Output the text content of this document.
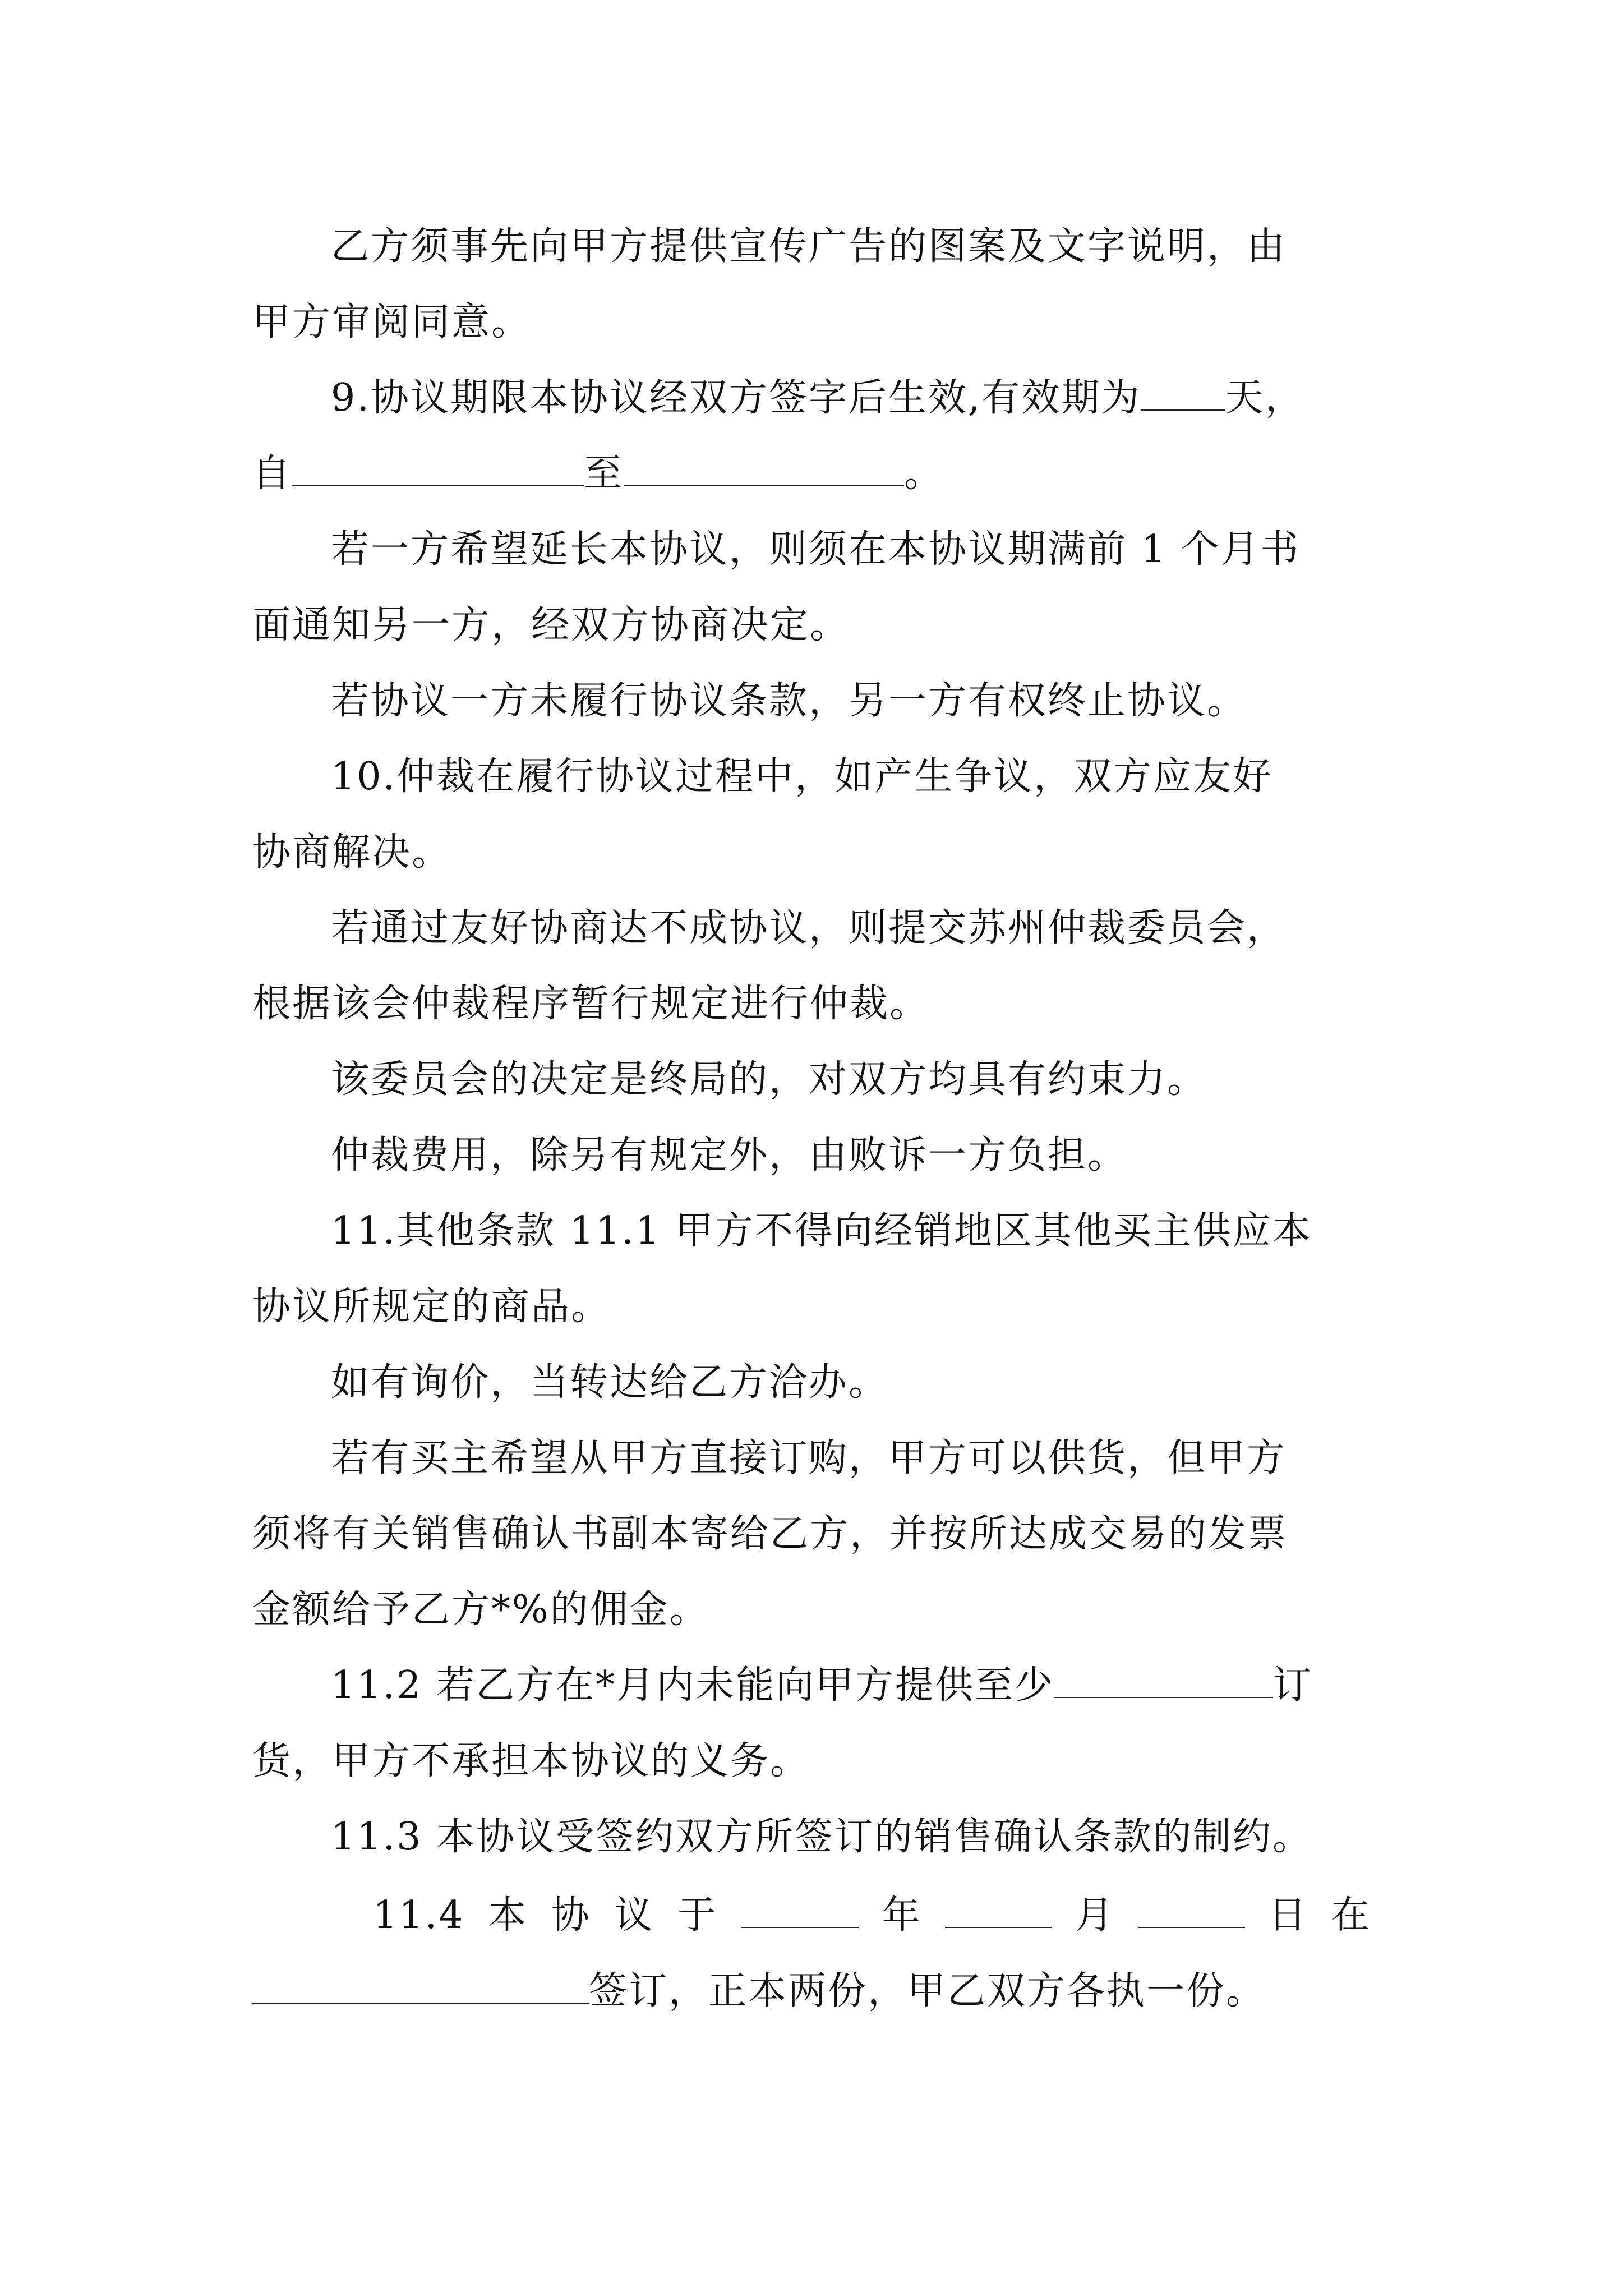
乙方须事先向甲方提供宣传广告的图案及文字说明，由
甲方审阅同意。
9.协议期限本协议经双方签字后生效,有效期为 天，
自	至	。
若一方希望延长本协议，则须在本协议期满前 1 个月书
面通知另一方，经双方协商决定。
若协议一方未履行协议条款，另一方有权终止协议。
10.仲裁在履行协议过程中，如产生争议，双方应友好
协商解决。
若通过友好协商达不成协议，则提交苏州仲裁委员会，
根据该会仲裁程序暂行规定进行仲裁。
该委员会的决定是终局的，对双方均具有约束力。
仲裁费用，除另有规定外，由败诉一方负担。
11.其他条款 11.1 甲方不得向经销地区其他买主供应本
协议所规定的商品。
如有询价，当转达给乙方洽办。
若有买主希望从甲方直接订购，甲方可以供货，但甲方
须将有关销售确认书副本寄给乙方，并按所达成交易的发票
金额给予乙方*%的佣金。
11.2 若乙方在*月内未能向甲方提供至少	订
货，甲方不承担本协议的义务。
11.3 本协议受签约双方所签订的销售确认条款的制约。
11.4 本 协 议 于	年	月	日 在
签订，正本两份，甲乙双方各执一份。
